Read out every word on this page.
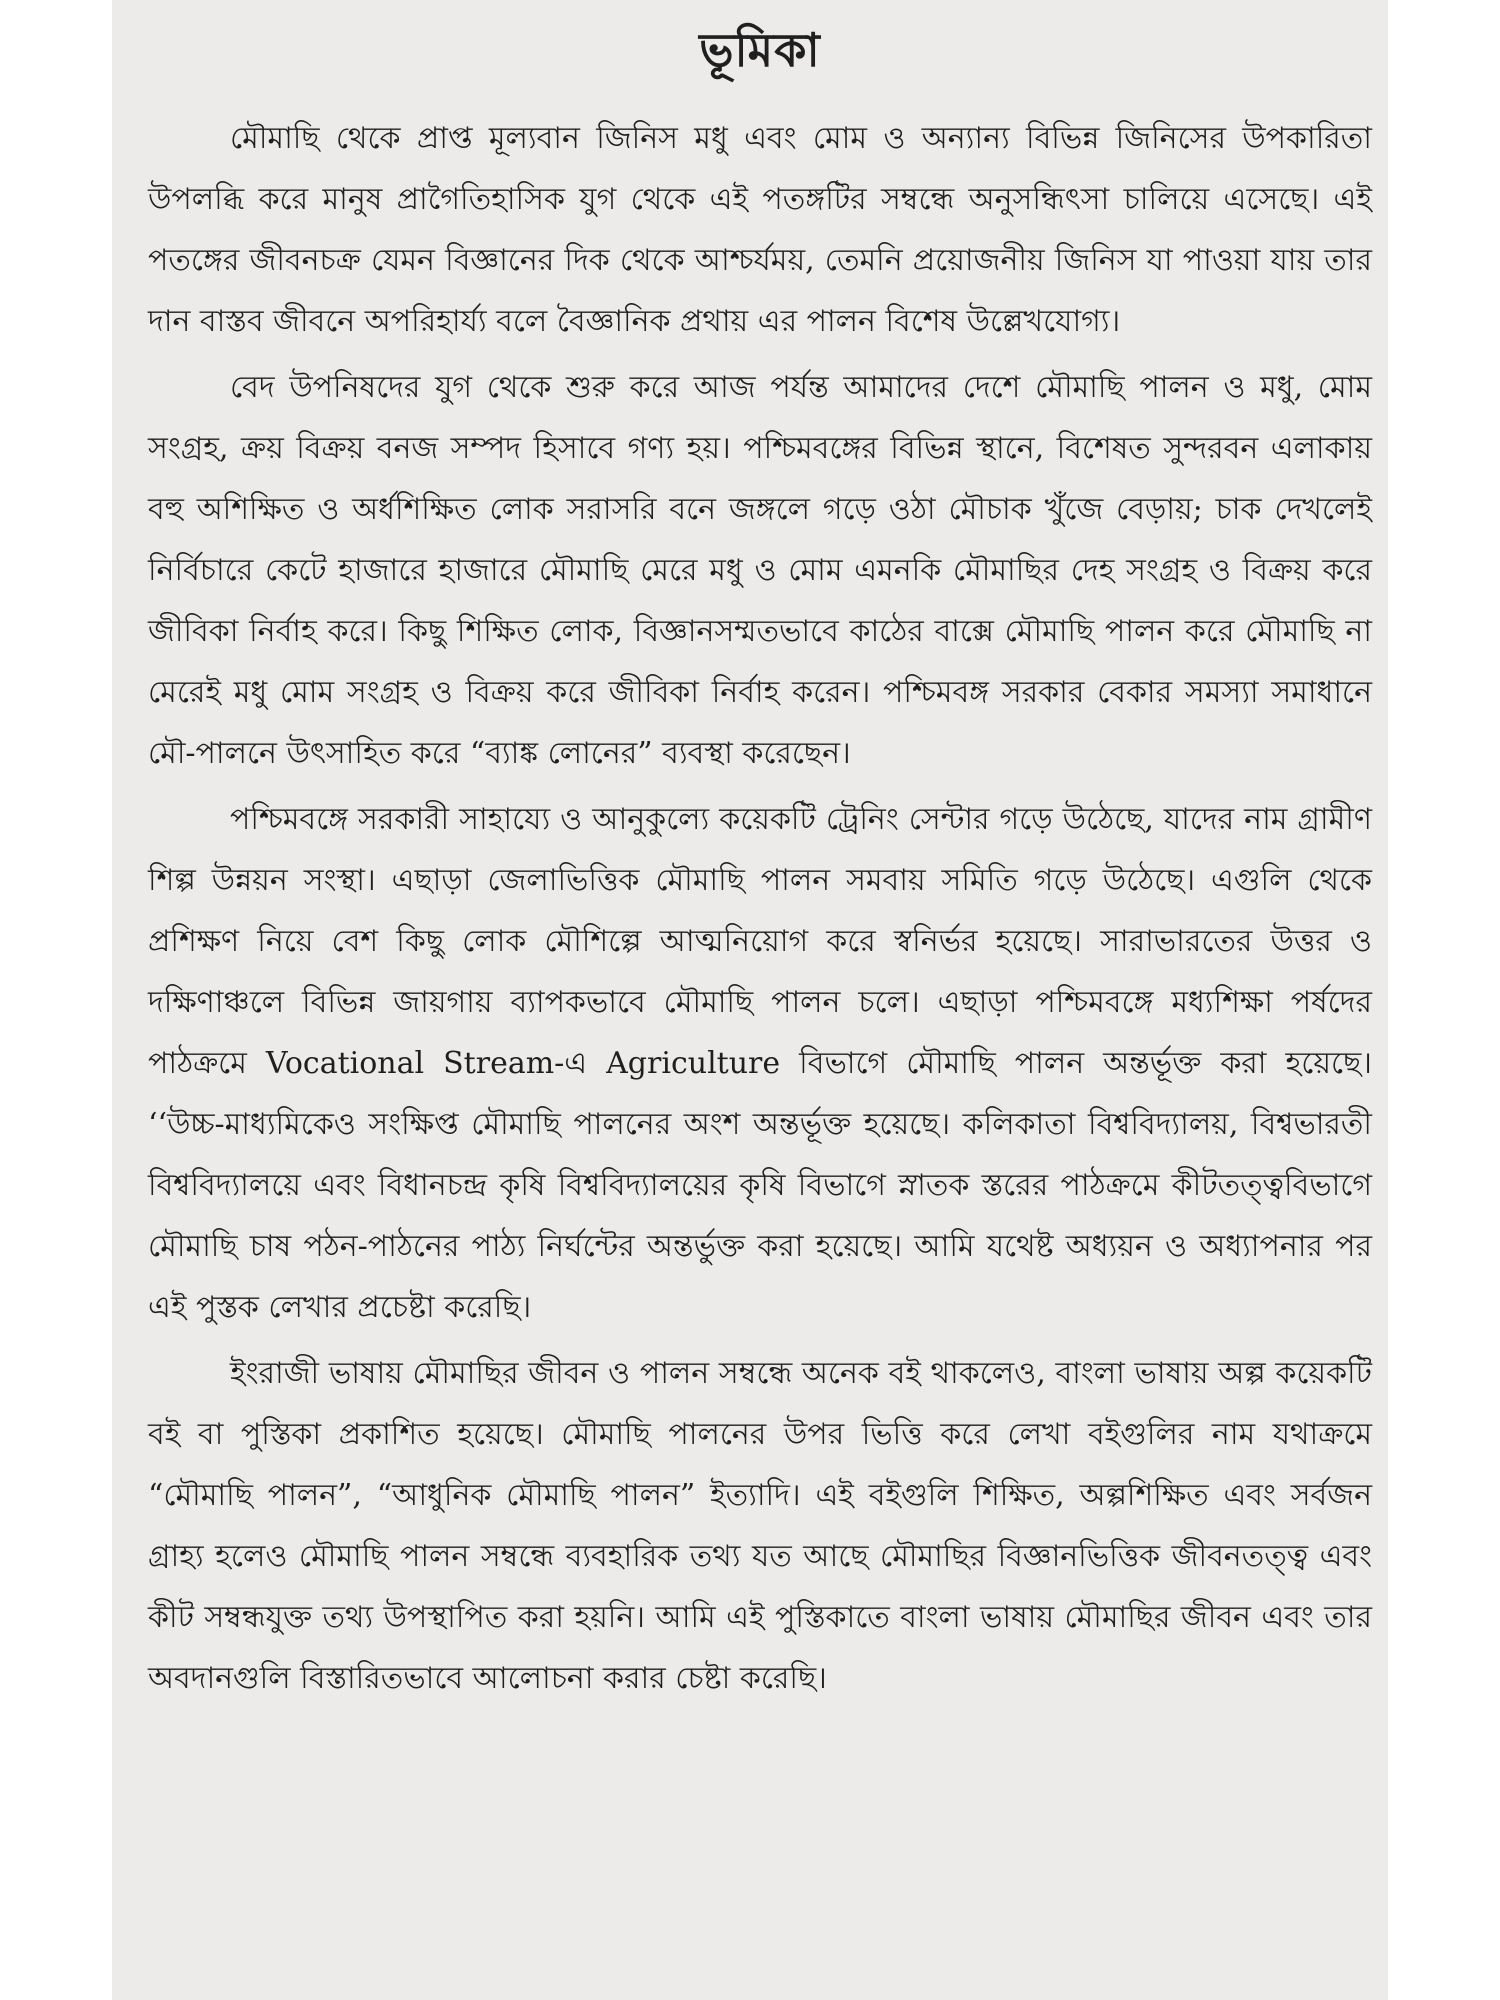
ভূমিকা

মৌমাছি থেকে প্রাপ্ত মূল্যবান জিনিস মধু এবং মোম ও অন্যান্য বিভিন্ন জিনিসের উপকারিতা উপলব্ধি করে মানুষ প্রাগৈতিহাসিক যুগ থেকে এই পতঙ্গটির সম্বন্ধে অনুসন্ধিৎসা চালিয়ে এসেছে। এই পতঙ্গের জীবনচক্র যেমন বিজ্ঞানের দিক থেকে আশ্চর্যময়, তেমনি প্রয়োজনীয় জিনিস যা পাওয়া যায় তার দান বাস্তব জীবনে অপরিহার্য্য বলে বৈজ্ঞানিক প্রথায় এর পালন বিশেষ উল্লেখযোগ্য।

বেদ উপনিষদের যুগ থেকে শুরু করে আজ পর্যন্ত আমাদের দেশে মৌমাছি পালন ও মধু, মোম সংগ্রহ, ক্রয় বিক্রয় বনজ সম্পদ হিসাবে গণ্য হয়। পশ্চিমবঙ্গের বিভিন্ন স্থানে, বিশেষত সুন্দরবন এলাকায় বহু অশিক্ষিত ও অর্ধশিক্ষিত লোক সরাসরি বনে জঙ্গলে গড়ে ওঠা মৌচাক খুঁজে বেড়ায়; চাক দেখলেই নির্বিচারে কেটে হাজারে হাজারে মৌমাছি মেরে মধু ও মোম এমনকি মৌমাছির দেহ সংগ্রহ ও বিক্রয় করে জীবিকা নির্বাহ করে। কিছু শিক্ষিত লোক, বিজ্ঞানসম্মতভাবে কাঠের বাক্সে মৌমাছি পালন করে মৌমাছি না মেরেই মধু মোম সংগ্রহ ও বিক্রয় করে জীবিকা নির্বাহ করেন। পশ্চিমবঙ্গ সরকার বেকার সমস্যা সমাধানে মৌ-পালনে উৎসাহিত করে “ব্যাঙ্ক লোনের” ব্যবস্থা করেছেন।

পশ্চিমবঙ্গে সরকারী সাহায্যে ও আনুকুল্যে কয়েকটি ট্রেনিং সেন্টার গড়ে উঠেছে, যাদের নাম গ্রামীণ শিল্প উন্নয়ন সংস্থা। এছাড়া জেলাভিত্তিক মৌমাছি পালন সমবায় সমিতি গড়ে উঠেছে। এগুলি থেকে প্রশিক্ষণ নিয়ে বেশ কিছু লোক মৌশিল্পে আত্মনিয়োগ করে স্বনির্ভর হয়েছে। সারাভারতের উত্তর ও দক্ষিণাঞ্চলে বিভিন্ন জায়গায় ব্যাপকভাবে মৌমাছি পালন চলে। এছাড়া পশ্চিমবঙ্গে মধ্যশিক্ষা পর্ষদের পাঠক্রমে Vocational Stream-এ Agriculture বিভাগে মৌমাছি পালন অন্তর্ভূক্ত করা হয়েছে। ‘‘উচ্চ-মাধ্যমিকেও সংক্ষিপ্ত মৌমাছি পালনের অংশ অন্তর্ভূক্ত হয়েছে। কলিকাতা বিশ্ববিদ্যালয়, বিশ্বভারতী বিশ্ববিদ্যালয়ে এবং বিধানচন্দ্র কৃষি বিশ্ববিদ্যালয়ের কৃষি বিভাগে স্নাতক স্তরের পাঠক্রমে কীটতত্ত্ববিভাগে মৌমাছি চাষ পঠন-পাঠনের পাঠ্য নির্ঘন্টের অন্তর্ভুক্ত করা হয়েছে। আমি যথেষ্ট অধ্যয়ন ও অধ্যাপনার পর এই পুস্তক লেখার প্রচেষ্টা করেছি।

ইংরাজী ভাষায় মৌমাছির জীবন ও পালন সম্বন্ধে অনেক বই থাকলেও, বাংলা ভাষায় অল্প কয়েকটি বই বা পুস্তিকা প্রকাশিত হয়েছে। মৌমাছি পালনের উপর ভিত্তি করে লেখা বইগুলির নাম যথাক্রমে “মৌমাছি পালন”, “আধুনিক মৌমাছি পালন” ইত্যাদি। এই বইগুলি শিক্ষিত, অল্পশিক্ষিত এবং সর্বজন গ্রাহ্য হলেও মৌমাছি পালন সম্বন্ধে ব্যবহারিক তথ্য যত আছে মৌমাছির বিজ্ঞানভিত্তিক জীবনতত্ত্ব এবং কীট সম্বন্ধযুক্ত তথ্য উপস্থাপিত করা হয়নি। আমি এই পুস্তিকাতে বাংলা ভাষায় মৌমাছির জীবন এবং তার অবদানগুলি বিস্তারিতভাবে আলোচনা করার চেষ্টা করেছি।
